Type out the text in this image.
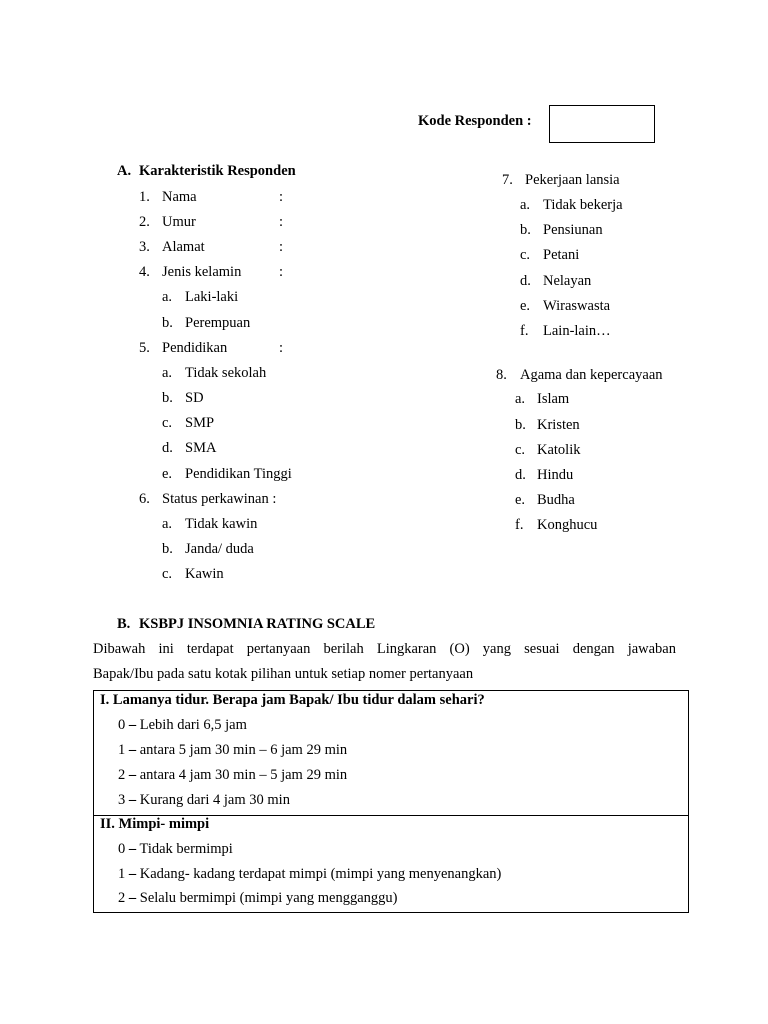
Kode Responden :
A. Karakteristik Responden
1. Nama	:
2. Umur	:
3. Alamat	:
4. Jenis kelamin	:
a. Laki-laki
b. Perempuan
5. Pendidikan	:
a. Tidak sekolah
b. SD
c. SMP
d. SMA
e. Pendidikan Tinggi
6. Status perkawinan :
a. Tidak kawin
b. Janda/ duda
c. Kawin
7. Pekerjaan lansia
a. Tidak bekerja
b. Pensiunan
c. Petani
d. Nelayan
e. Wiraswasta
f. Lain-lain…
8. Agama dan kepercayaan
a. Islam
b. Kristen
c. Katolik
d. Hindu
e. Budha
f. Konghucu
B. KSBPJ INSOMNIA RATING SCALE
Dibawah ini terdapat pertanyaan berilah Lingkaran (O) yang sesuai dengan jawaban
Bapak/Ibu pada satu kotak pilihan untuk setiap nomer pertanyaan
I. Lamanya tidur. Berapa jam Bapak/ Ibu tidur dalam sehari?
0 – Lebih dari 6,5 jam
1 – antara 5 jam 30 min – 6 jam 29 min
2 – antara 4 jam 30 min – 5 jam 29 min
3 – Kurang dari 4 jam 30 min
II. Mimpi- mimpi
0 – Tidak bermimpi
1 – Kadang- kadang terdapat mimpi (mimpi yang menyenangkan)
2 – Selalu bermimpi (mimpi yang mengganggu)
